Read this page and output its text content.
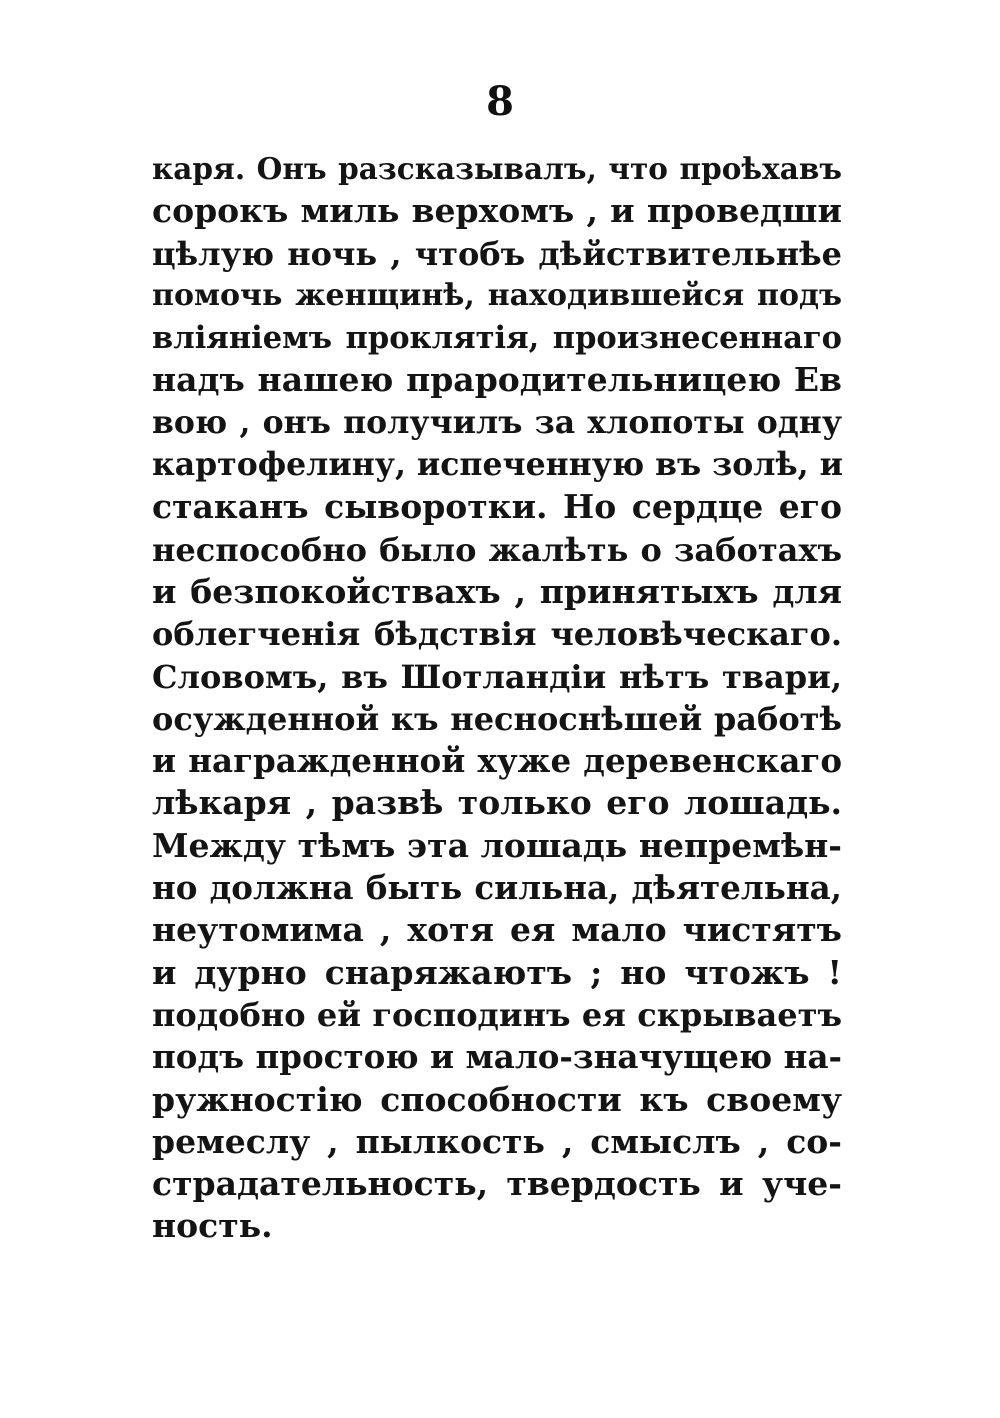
8
каря. Онъ разсказывалъ, что проѣхавъ
сорокъ миль верхомъ , и проведши
цѣлую ночь , чтобъ дѣйствительнѣе
помочь женщинѣ, находившейся подъ
вліяніемъ проклятія, произнесеннаго
надъ нашею прародительницею Ев
вою , онъ получилъ за хлопоты одну
картофелину, испеченную въ золѣ, и
стаканъ сыворотки. Но сердце его
неспособно было жалѣть о заботахъ
и безпокойствахъ , принятыхъ для
облегченія бѣдствія человѣческаго.
Словомъ, въ Шотландіи нѣтъ твари,
осужденной къ несноснѣшей работѣ
и награжденной хуже деревенскаго
лѣкаря , развѣ только его лошадь.
Между тѣмъ эта лошадь непремѣн-
но должна быть сильна, дѣятельна,
неутомима , хотя ея мало чистятъ
и дурно снаряжаютъ ; но чтожъ !
подобно ей господинъ ея скрываетъ
подъ простою и мало-значущею на-
ружностію способности къ своему
ремеслу , пылкость , смыслъ , со-
страдательность, твердость и уче-
ность.
